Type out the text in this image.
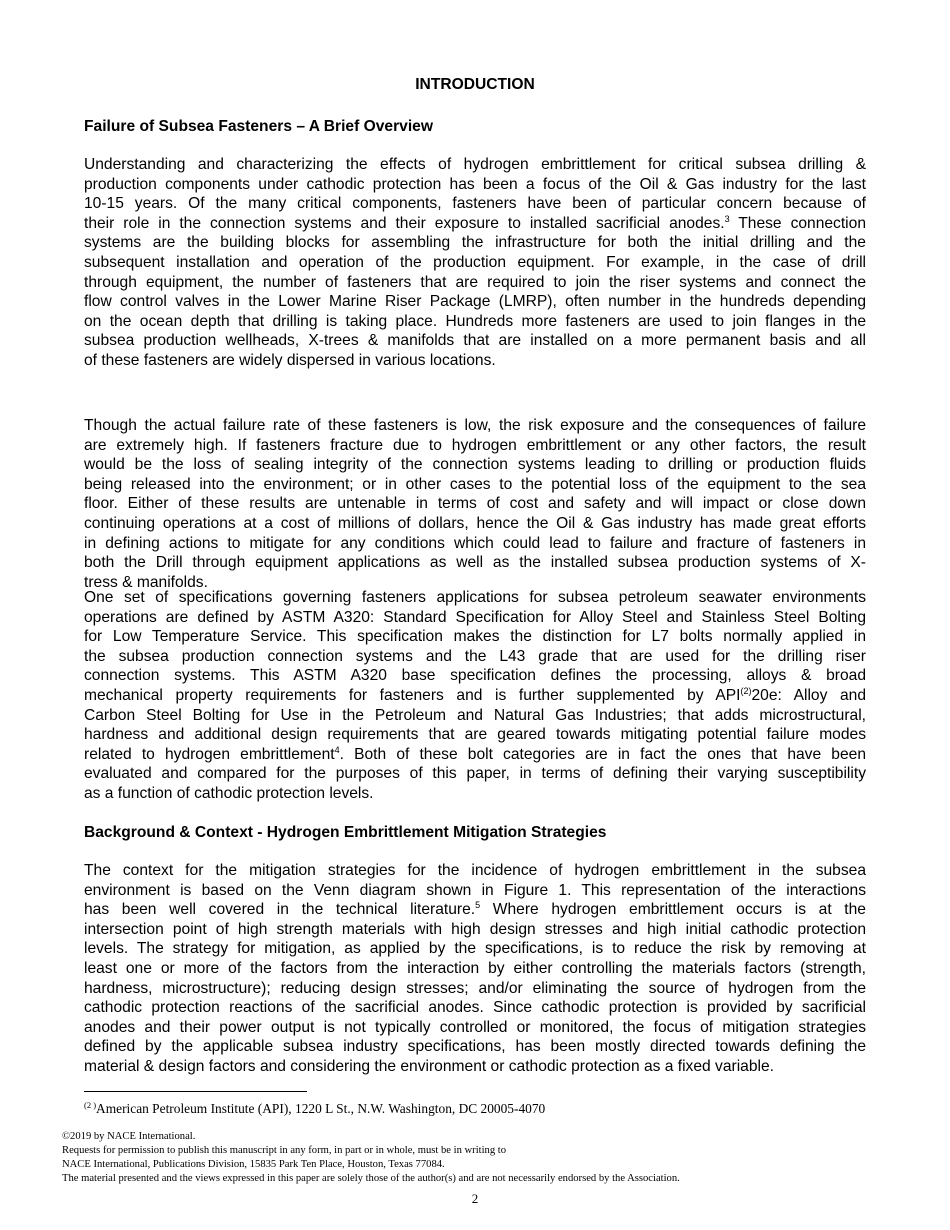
INTRODUCTION
Failure of Subsea Fasteners – A Brief Overview
Understanding and characterizing the effects of hydrogen embrittlement for critical subsea drilling &
production components under cathodic protection has been a focus of the Oil & Gas industry for the last
10-15 years. Of the many critical components, fasteners have been of particular concern because of
their role in the connection systems and their exposure to installed sacrificial anodes.$^3$ These connection
systems are the building blocks for assembling the infrastructure for both the initial drilling and the
subsequent installation and operation of the production equipment. For example, in the case of drill
through equipment, the number of fasteners that are required to join the riser systems and connect the
flow control valves in the Lower Marine Riser Package (LMRP), often number in the hundreds depending
on the ocean depth that drilling is taking place. Hundreds more fasteners are used to join flanges in the
subsea production wellheads, X-trees & manifolds that are installed on a more permanent basis and all
of these fasteners are widely dispersed in various locations.
Though the actual failure rate of these fasteners is low, the risk exposure and the consequences of failure
are extremely high. If fasteners fracture due to hydrogen embrittlement or any other factors, the result
would be the loss of sealing integrity of the connection systems leading to drilling or production fluids
being released into the environment; or in other cases to the potential loss of the equipment to the sea
floor. Either of these results are untenable in terms of cost and safety and will impact or close down
continuing operations at a cost of millions of dollars, hence the Oil & Gas industry has made great efforts
in defining actions to mitigate for any conditions which could lead to failure and fracture of fasteners in
both the Drill through equipment applications as well as the installed subsea production systems of X-
tress & manifolds.
One set of specifications governing fasteners applications for subsea petroleum seawater environments
operations are defined by ASTM A320: Standard Specification for Alloy Steel and Stainless Steel Bolting
for Low Temperature Service. This specification makes the distinction for L7 bolts normally applied in
the subsea production connection systems and the L43 grade that are used for the drilling riser
connection systems. This ASTM A320 base specification defines the processing, alloys & broad
mechanical property requirements for fasteners and is further supplemented by API$^{(2)}$20e: Alloy and
Carbon Steel Bolting for Use in the Petroleum and Natural Gas Industries; that adds microstructural,
hardness and additional design requirements that are geared towards mitigating potential failure modes
related to hydrogen embrittlement$^4$. Both of these bolt categories are in fact the ones that have been
evaluated and compared for the purposes of this paper, in terms of defining their varying susceptibility
as a function of cathodic protection levels.
Background & Context - Hydrogen Embrittlement Mitigation Strategies
The context for the mitigation strategies for the incidence of hydrogen embrittlement in the subsea
environment is based on the Venn diagram shown in Figure 1. This representation of the interactions
has been well covered in the technical literature.$^5$ Where hydrogen embrittlement occurs is at the
intersection point of high strength materials with high design stresses and high initial cathodic protection
levels. The strategy for mitigation, as applied by the specifications, is to reduce the risk by removing at
least one or more of the factors from the interaction by either controlling the materials factors (strength,
hardness, microstructure); reducing design stresses; and/or eliminating the source of hydrogen from the
cathodic protection reactions of the sacrificial anodes. Since cathodic protection is provided by sacrificial
anodes and their power output is not typically controlled or monitored, the focus of mitigation strategies
defined by the applicable subsea industry specifications, has been mostly directed towards defining the
material & design factors and considering the environment or cathodic protection as a fixed variable.
$^{(2 )}$American Petroleum Institute (API), 1220 L St., N.W. Washington, DC 20005-4070
©2019 by NACE International.
Requests for permission to publish this manuscript in any form, in part or in whole, must be in writing to
NACE International, Publications Division, 15835 Park Ten Place, Houston, Texas 77084.
The material presented and the views expressed in this paper are solely those of the author(s) and are not necessarily endorsed by the Association.
2
